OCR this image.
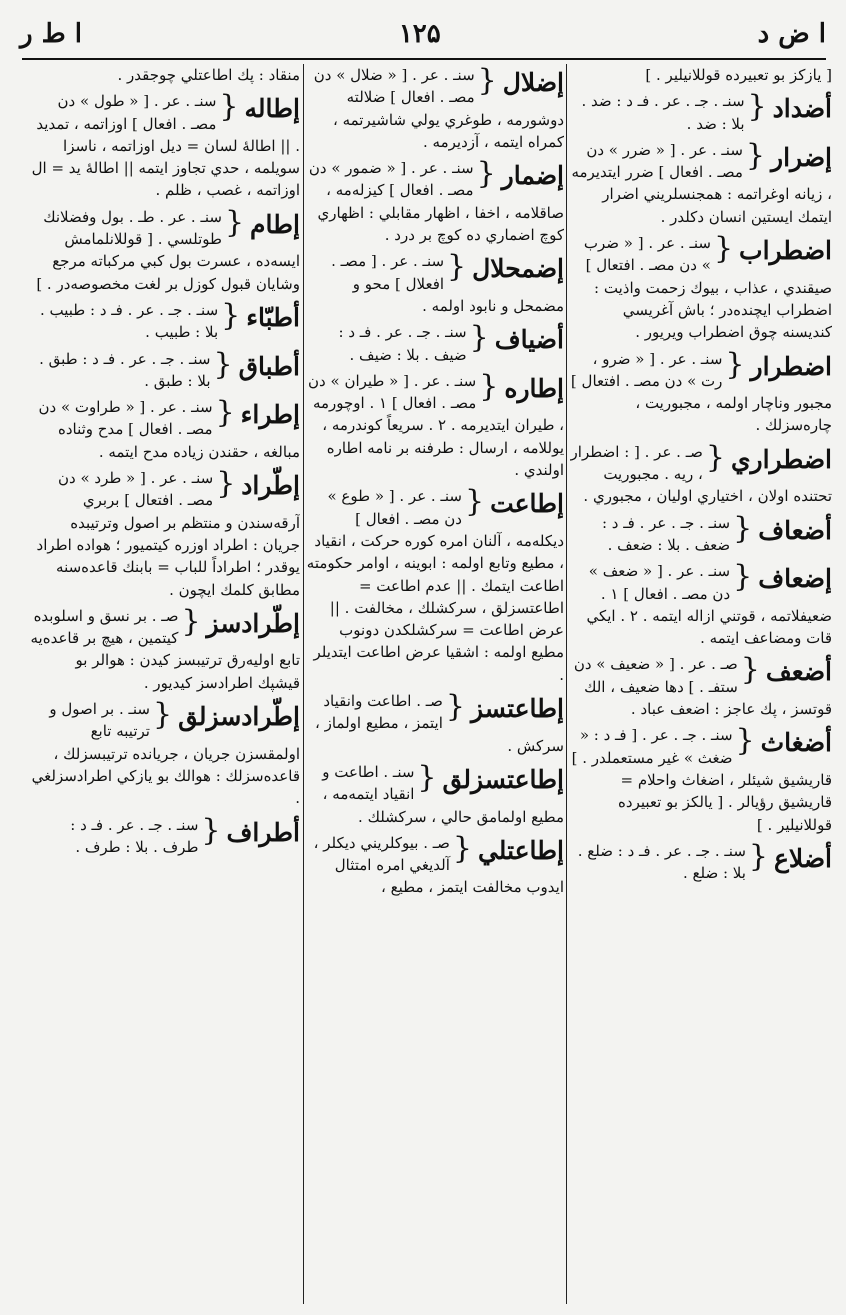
ا ض د
۱۲۵
ا ط ر
[ يازكز بو تعبيرده قوللانيلير . ]
أضداد
{
سنـ . جـ . عر . فـ د : ضد . بلا : ضد .
إضرار
{
سنـ . عر . [ « ضرر » دن مصـ . افعال ] ضرر ايتديرمه ، زيانه اوغراتمه : همجنسلريني اضرار ايتمك ايستين انسان دكلدر .
اضطراب
{
سنـ . عر . [ « ضرب » دن مصـ . افتعال ] صيقندي ، عذاب ، بيوك زحمت واذيت : اضطراب ايچنده‌در ؛ باش آغريسي كنديسنه چوق اضطراب ويريور .
اضطرار
{
سنـ . عر . [ « ضرو ، رت » دن مصـ . افتعال ] مجبور وناچار اولمه ، مجبوريت ، چاره‌سزلك .
اضطراري
{
صـ . عر . [ : اضطرار ، ريه . مجبوريت تحتنده اولان ، اختياري اوليان ، مجبوري .
أضعاف
{
سنـ . جـ . عر . فـ د : ضعف . بلا : ضعف .
إضعاف
{
سنـ . عر . [ « ضعف » دن مصـ . افعال ] ۱ . ضعيفلاتمه ، قوتني ازاله ايتمه . ۲ . ايكي قات ومضاعف ايتمه .
أضعف
{
صـ . عر . [ « ضعيف » دن ستفـ . ] دها ضعيف ، الك قوتسز ، پك عاجز : اضعف عباد .
أضغاث
{
سنـ . جـ . عر . [ فـ د : « ضغث » غير مستعملدر . ] قاريشيق شيئلر ، اضغاث واحلام = قاريشيق رؤيالر . [ يالكز بو تعبيرده قوللانيلير . ]
أضلاع
{
سنـ . جـ . عر . فـ د : ضلع . بلا : ضلع .
إضلال
{
سنـ . عر . [ « ضلال » دن مصـ . افعال ] ضلالته دوشورمه ، طوغري يولي شاشيرتمه ، كمراه ايتمه ، آزديرمه .
إضمار
{
سنـ . عر . [ « ضمور » دن مصـ . افعال ] كيزله‌مه ، صاقلامه ، اخفا ، اظهار مقابلي : اظهاري كوچ اضماري ده كوچ بر درد .
إضمحلال
{
سنـ . عر . [ مصـ . افعلال ] محو و مضمحل و نابود اولمه .
أضياف
{
سنـ . جـ . عر . فـ د : ضيف . بلا : ضيف .
إطاره
{
سنـ . عر . [ « طيران » دن مصـ . افعال ] ۱ . اوچورمه ، طيران ايتديرمه . ۲ . سريعاً كوندرمه ، يوللامه ، ارسال : طرفنه بر نامه اطاره اولندي .
إطاعت
{
سنـ . عر . [ « طوع » دن مصـ . افعال ] ديكله‌مه ، آلنان امره كوره حركت ، انقياد ، مطيع وتابع اولمه : ابوينه ، اوامر حكومته اطاعت ايتمك . || عدم اطاعت = اطاعتسزلق ، سركشلك ، مخالفت . || عرض اطاعت = سركشلكدن دونوب مطيع اولمه : اشقيا عرض اطاعت ايتديلر .
إطاعتسز
{
صـ . اطاعت وانقياد ايتمز ، مطيع اولماز ، سركش .
إطاعتسزلق
{
سنـ . اطاعت و انقياد ايتمه‌مه ، مطيع اولمامق حالي ، سركشلك .
إطاعتلي
{
صـ . بيوكلريني ديكلر ، آلديغي امره امتثال ايدوب مخالفت ايتمز ، مطيع ،
منقاد : پك اطاعتلي چوجقدر .
إطاله
{
سنـ . عر . [ « طول » دن مصـ . افعال ] اوزاتمه ، تمديد . || اطالهٔ لسان = ديل اوزاتمه ، ناسزا سويلمه ، حدي تجاوز ايتمه || اطالهٔ يد = ال اوزاتمه ، غصب ، ظلم .
إطام
{
سنـ . عر . طـ . بول وفضلانك طوتلسي . [ قوللانلمامش ايسه‌ده ، عسرت بول كبي مركباته مرجع وشايان قبول كوزل بر لغت مخصوصه‌در . ]
أطبّاء
{
سنـ . جـ . عر . فـ د : طبيب . بلا : طبيب .
أطباق
{
سنـ . جـ . عر . فـ د : طبق . بلا : طبق .
إطراء
{
سنـ . عر . [ « طراوت » دن مصـ . افعال ] مدح وثناده مبالغه ، حقندن زياده مدح ايتمه .
إطّراد
{
سنـ . عر . [ « طرد » دن مصـ . افتعال ] بربري آرقه‌سندن و منتظم بر اصول وترتيبده جريان : اطراد اوزره كيتميور ؛ هواده اطراد يوقدر ؛ اطراداً للباب = بابنك قاعده‌سنه مطابق كلمك ايچون .
إطّرادسز
{
صـ . بر نسق و اسلوبده كيتمين ، هيچ بر قاعده‌يه تابع اوليه‌رق ترتيبسز كيدن : هوالر بو قيشپك اطرادسز كيديور .
إطّرادسزلق
{
سنـ . بر اصول و ترتيبه تابع اولمقسزن جريان ، جريانده ترتيبسزلك ، قاعده‌سزلك : هوالك بو يازكي اطرادسزلغي .
أطراف
{
سنـ . جـ . عر . فـ د : طرف . بلا : طرف .
